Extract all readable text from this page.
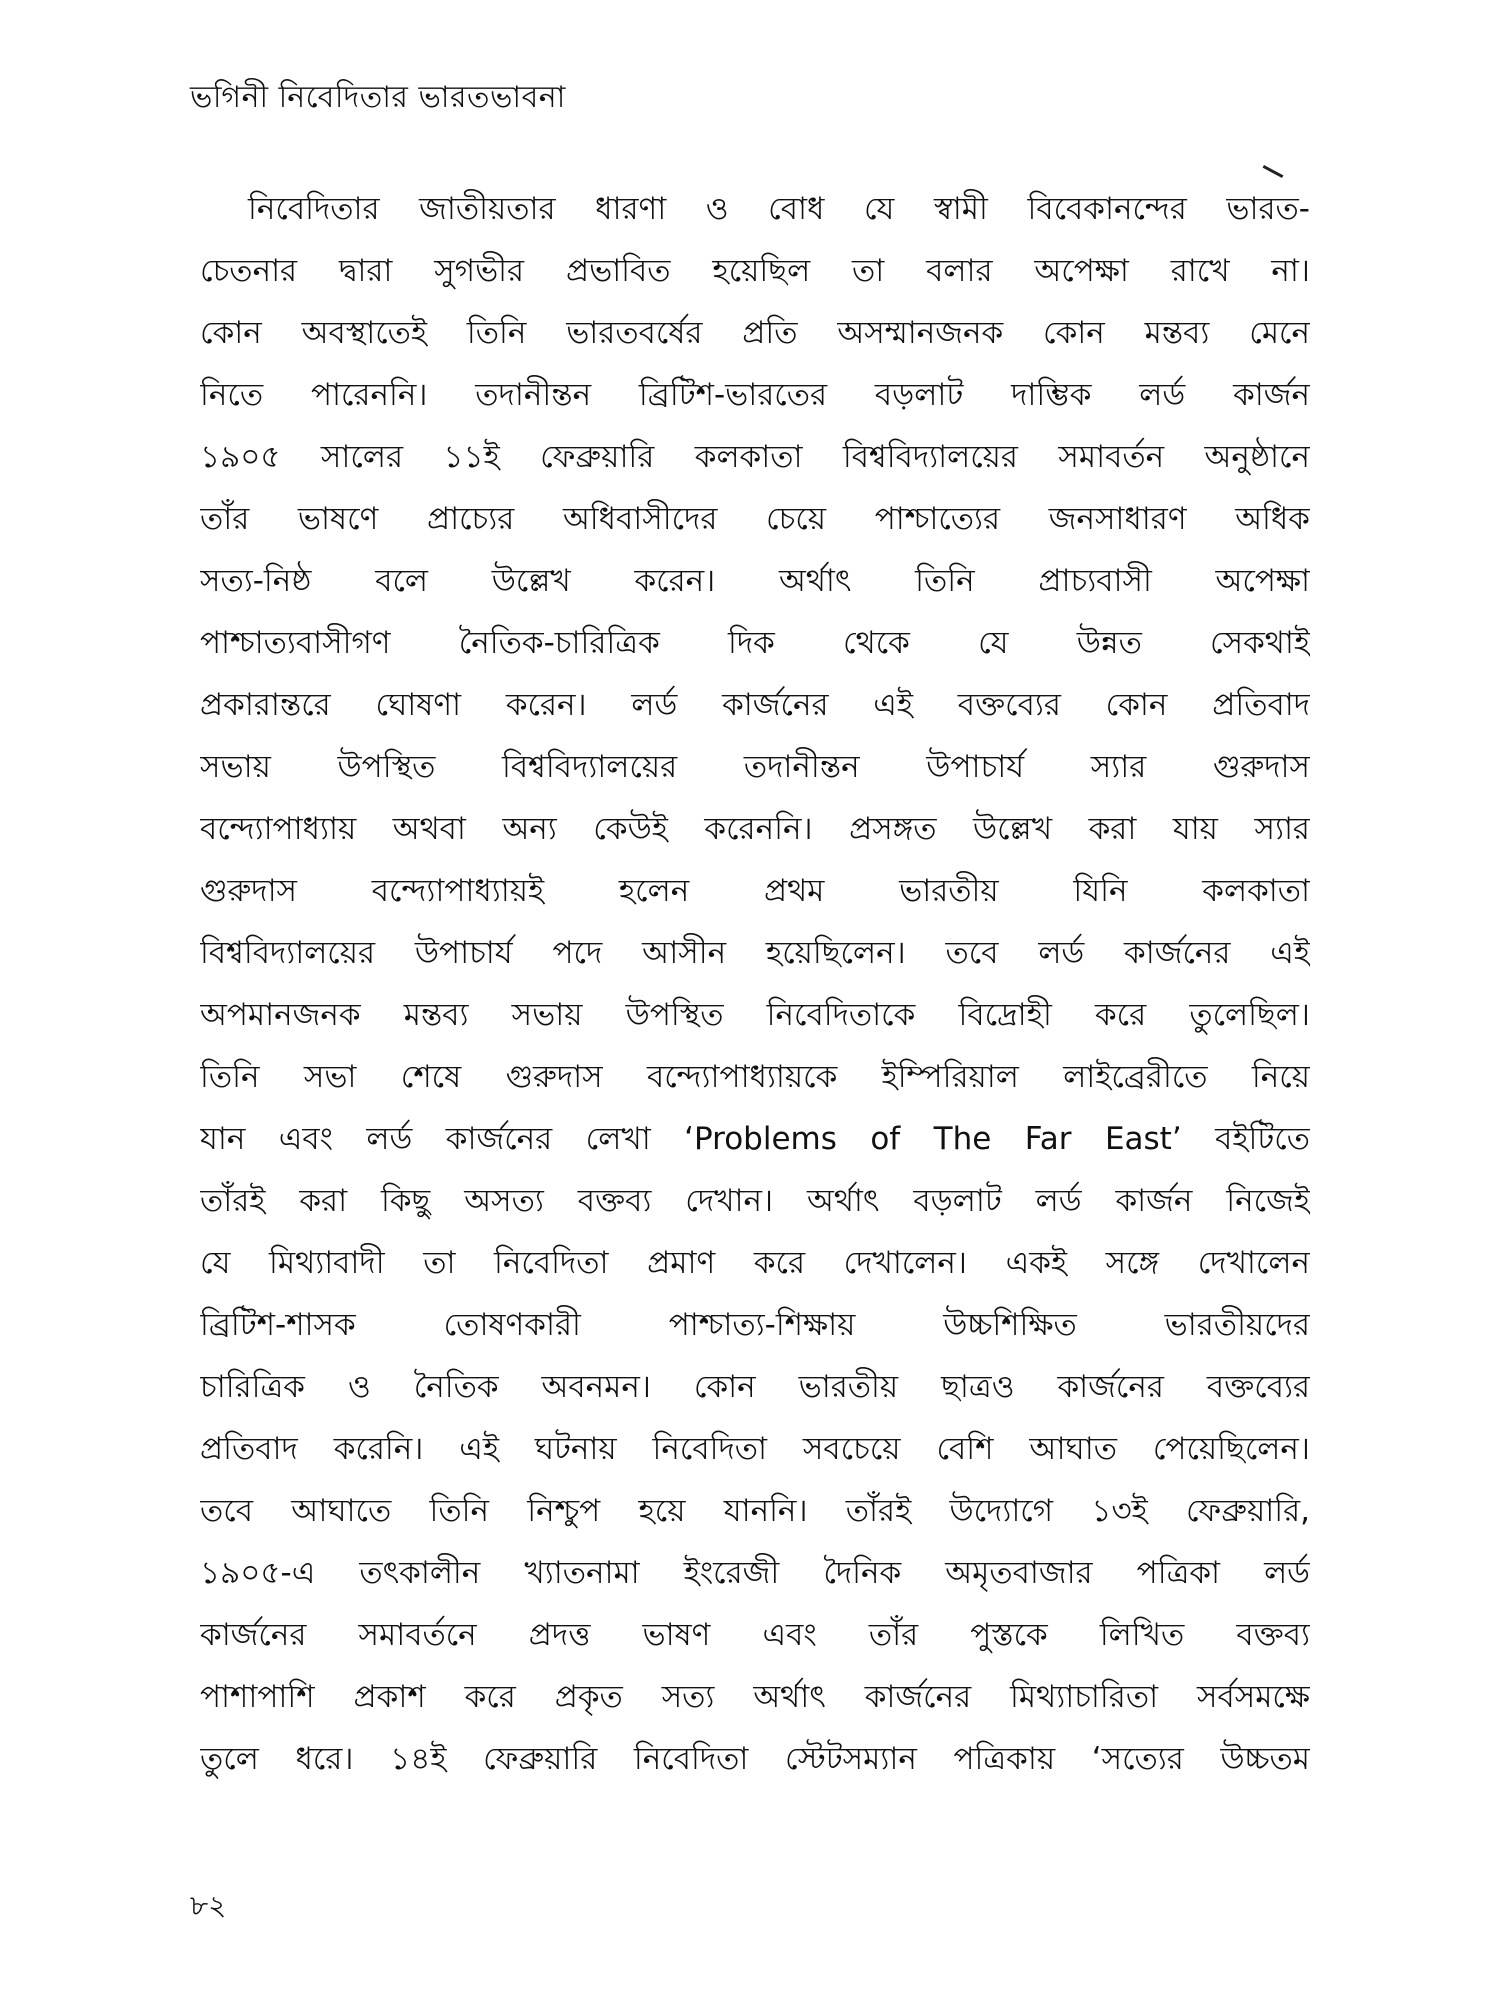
ভগিনী নিবেদিতার ভারতভাবনা
নিবেদিতার জাতীয়তার ধারণা ও বোধ যে স্বামী বিবেকানন্দের ভারত-
চেতনার দ্বারা সুগভীর প্রভাবিত হয়েছিল তা বলার অপেক্ষা রাখে না।
কোন অবস্থাতেই তিনি ভারতবর্ষের প্রতি অসম্মানজনক কোন মন্তব্য মেনে
নিতে পারেননি। তদানীন্তন ব্রিটিশ-ভারতের বড়লাট দাম্ভিক লর্ড কার্জন
১৯০৫ সালের ১১ই ফেব্রুয়ারি কলকাতা বিশ্ববিদ্যালয়ের সমাবর্তন অনুষ্ঠানে
তাঁর ভাষণে প্রাচ্যের অধিবাসীদের চেয়ে পাশ্চাত্যের জনসাধারণ অধিক
সত্য-নিষ্ঠ বলে উল্লেখ করেন। অর্থাৎ তিনি প্রাচ্যবাসী অপেক্ষা
পাশ্চাত্যবাসীগণ নৈতিক-চারিত্রিক দিক থেকে যে উন্নত সেকথাই
প্রকারান্তরে ঘোষণা করেন। লর্ড কার্জনের এই বক্তব্যের কোন প্রতিবাদ
সভায় উপস্থিত বিশ্ববিদ্যালয়ের তদানীন্তন উপাচার্য স্যার গুরুদাস
বন্দ্যোপাধ্যায় অথবা অন্য কেউই করেননি। প্রসঙ্গত উল্লেখ করা যায় স্যার
গুরুদাস বন্দ্যোপাধ্যায়ই হলেন প্রথম ভারতীয় যিনি কলকাতা
বিশ্ববিদ্যালয়ের উপাচার্য পদে আসীন হয়েছিলেন। তবে লর্ড কার্জনের এই
অপমানজনক মন্তব্য সভায় উপস্থিত নিবেদিতাকে বিদ্রোহী করে তুলেছিল।
তিনি সভা শেষে গুরুদাস বন্দ্যোপাধ্যায়কে ইম্পিরিয়াল লাইব্রেরীতে নিয়ে
যান এবং লর্ড কার্জনের লেখা ‘Problems of The Far East’ বইটিতে
তাঁরই করা কিছু অসত্য বক্তব্য দেখান। অর্থাৎ বড়লাট লর্ড কার্জন নিজেই
যে মিথ্যাবাদী তা নিবেদিতা প্রমাণ করে দেখালেন। একই সঙ্গে দেখালেন
ব্রিটিশ-শাসক তোষণকারী পাশ্চাত্য-শিক্ষায় উচ্চশিক্ষিত ভারতীয়দের
চারিত্রিক ও নৈতিক অবনমন। কোন ভারতীয় ছাত্রও কার্জনের বক্তব্যের
প্রতিবাদ করেনি। এই ঘটনায় নিবেদিতা সবচেয়ে বেশি আঘাত পেয়েছিলেন।
তবে আঘাতে তিনি নিশ্চুপ হয়ে যাননি। তাঁরই উদ্যোগে ১৩ই ফেব্রুয়ারি,
১৯০৫-এ তৎকালীন খ্যাতনামা ইংরেজী দৈনিক অমৃতবাজার পত্রিকা লর্ড
কার্জনের সমাবর্তনে প্রদত্ত ভাষণ এবং তাঁর পুস্তকে লিখিত বক্তব্য
পাশাপাশি প্রকাশ করে প্রকৃত সত্য অর্থাৎ কার্জনের মিথ্যাচারিতা সর্বসমক্ষে
তুলে ধরে। ১৪ই ফেব্রুয়ারি নিবেদিতা স্টেটসম্যান পত্রিকায় ‘সত্যের উচ্চতম
৮২
